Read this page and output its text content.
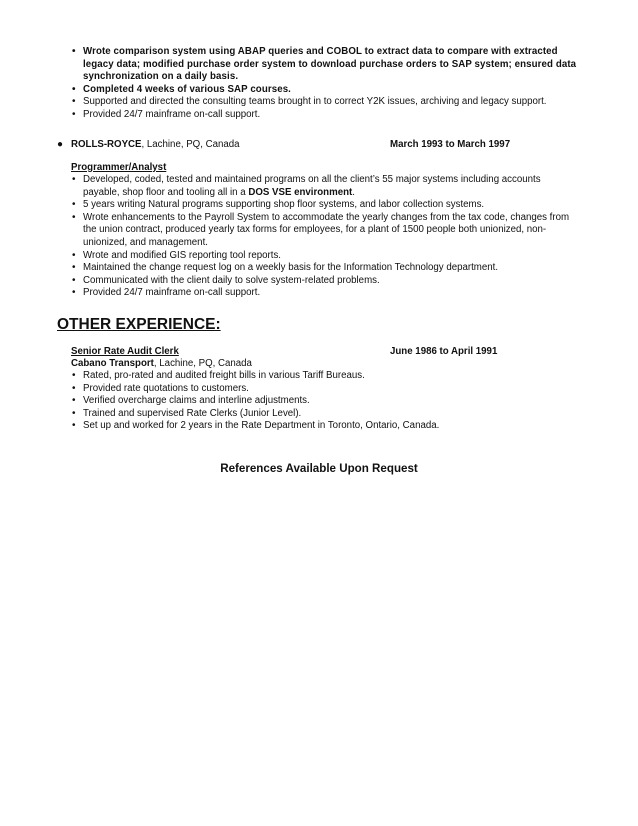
• Wrote comparison system using ABAP queries and COBOL to extract data to compare with extracted legacy data; modified purchase order system to download purchase orders to SAP system; ensured data synchronization on a daily basis.
• Completed 4 weeks of various SAP courses.
• Supported and directed the consulting teams brought in to correct Y2K issues, archiving and legacy support.
• Provided 24/7 mainframe on-call support.
● ROLLS-ROYCE, Lachine, PQ, Canada	March 1993 to March 1997
Programmer/Analyst
• Developed, coded, tested and maintained programs on all the client’s 55 major systems including accounts payable, shop floor and tooling all in a DOS VSE environment.
• 5 years writing Natural programs supporting shop floor systems, and labor collection systems.
• Wrote enhancements to the Payroll System to accommodate the yearly changes from the tax code, changes from the union contract, produced yearly tax forms for employees, for a plant of 1500 people both unionized, non-unionized, and management.
• Wrote and modified GIS reporting tool reports.
• Maintained the change request log on a weekly basis for the Information Technology department.
• Communicated with the client daily to solve system-related problems.
• Provided 24/7 mainframe on-call support.
OTHER EXPERIENCE:
Senior Rate Audit Clerk	June 1986 to April 1991
Cabano Transport, Lachine, PQ, Canada
• Rated, pro-rated and audited freight bills in various Tariff Bureaus.
• Provided rate quotations to customers.
• Verified overcharge claims and interline adjustments.
• Trained and supervised Rate Clerks (Junior Level).
• Set up and worked for 2 years in the Rate Department in Toronto, Ontario, Canada.
References Available Upon Request
